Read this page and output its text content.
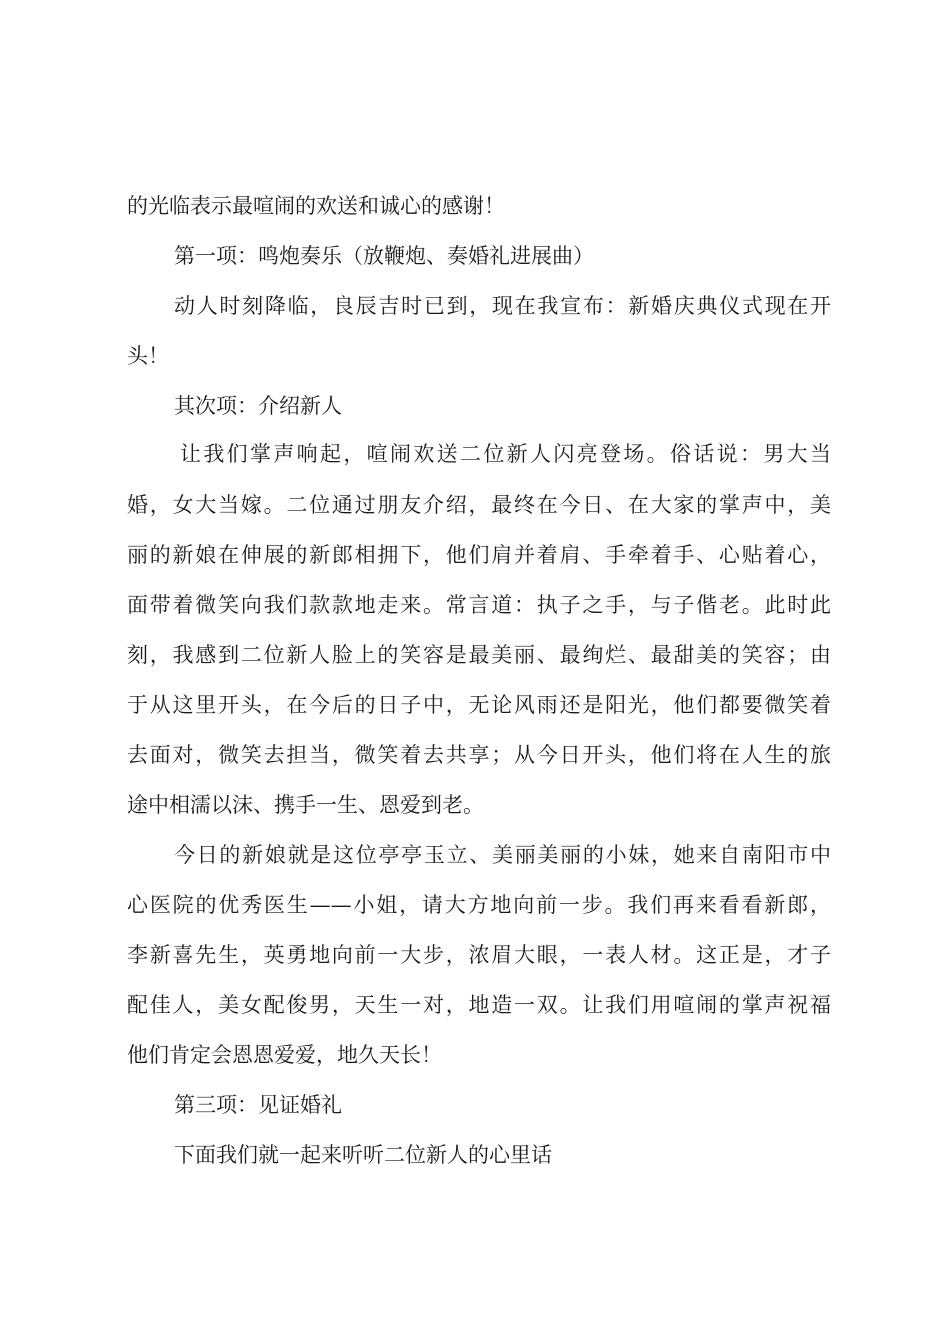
的光临表示最喧闹的欢送和诚心的感谢！
第一项：鸣炮奏乐（放鞭炮、奏婚礼进展曲）
动人时刻降临，良辰吉时已到，现在我宣布：新婚庆典仪式现在开
头！
其次项：介绍新人
让我们掌声响起，喧闹欢送二位新人闪亮登场。俗话说：男大当
婚，女大当嫁。二位通过朋友介绍，最终在今日、在大家的掌声中，美
丽的新娘在伸展的新郎相拥下，他们肩并着肩、手牵着手、心贴着心，
面带着微笑向我们款款地走来。常言道：执子之手，与子偕老。此时此
刻，我感到二位新人脸上的笑容是最美丽、最绚烂、最甜美的笑容；由
于从这里开头，在今后的日子中，无论风雨还是阳光，他们都要微笑着
去面对，微笑去担当，微笑着去共享；从今日开头，他们将在人生的旅
途中相濡以沫、携手一生、恩爱到老。
今日的新娘就是这位亭亭玉立、美丽美丽的小妹，她来自南阳市中
心医院的优秀医生——小姐，请大方地向前一步。我们再来看看新郎，
李新喜先生，英勇地向前一大步，浓眉大眼，一表人材。这正是，才子
配佳人，美女配俊男，天生一对，地造一双。让我们用喧闹的掌声祝福
他们肯定会恩恩爱爱，地久天长！
第三项：见证婚礼
下面我们就一起来听听二位新人的心里话
